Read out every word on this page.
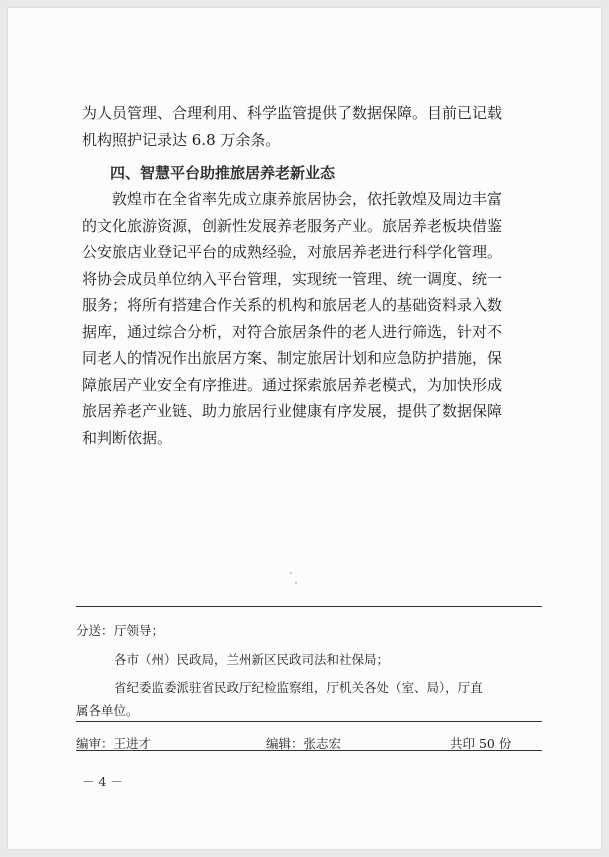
为人员管理、合理利用、科学监管提供了数据保障。目前已记载
机构照护记录达 6.8 万余条。

四、智慧平台助推旅居养老新业态

　　敦煌市在全省率先成立康养旅居协会，依托敦煌及周边丰富
的文化旅游资源，创新性发展养老服务产业。旅居养老板块借鉴
公安旅店业登记平台的成熟经验，对旅居养老进行科学化管理。
将协会成员单位纳入平台管理，实现统一管理、统一调度、统一
服务；将所有搭建合作关系的机构和旅居老人的基础资料录入数
据库，通过综合分析，对符合旅居条件的老人进行筛选，针对不
同老人的情况作出旅居方案、制定旅居计划和应急防护措施，保
障旅居产业安全有序推进。通过探索旅居养老模式，为加快形成
旅居养老产业链、助力旅居行业健康有序发展，提供了数据保障
和判断依据。

分送： 厅领导；
各市（州）民政局，兰州新区民政司法和社保局；
省纪委监委派驻省民政厅纪检监察组，厅机关各处（室、局），厅直
属各单位。
编审：王进才	编辑：张志宏	共印 50 份
－ 4 －
